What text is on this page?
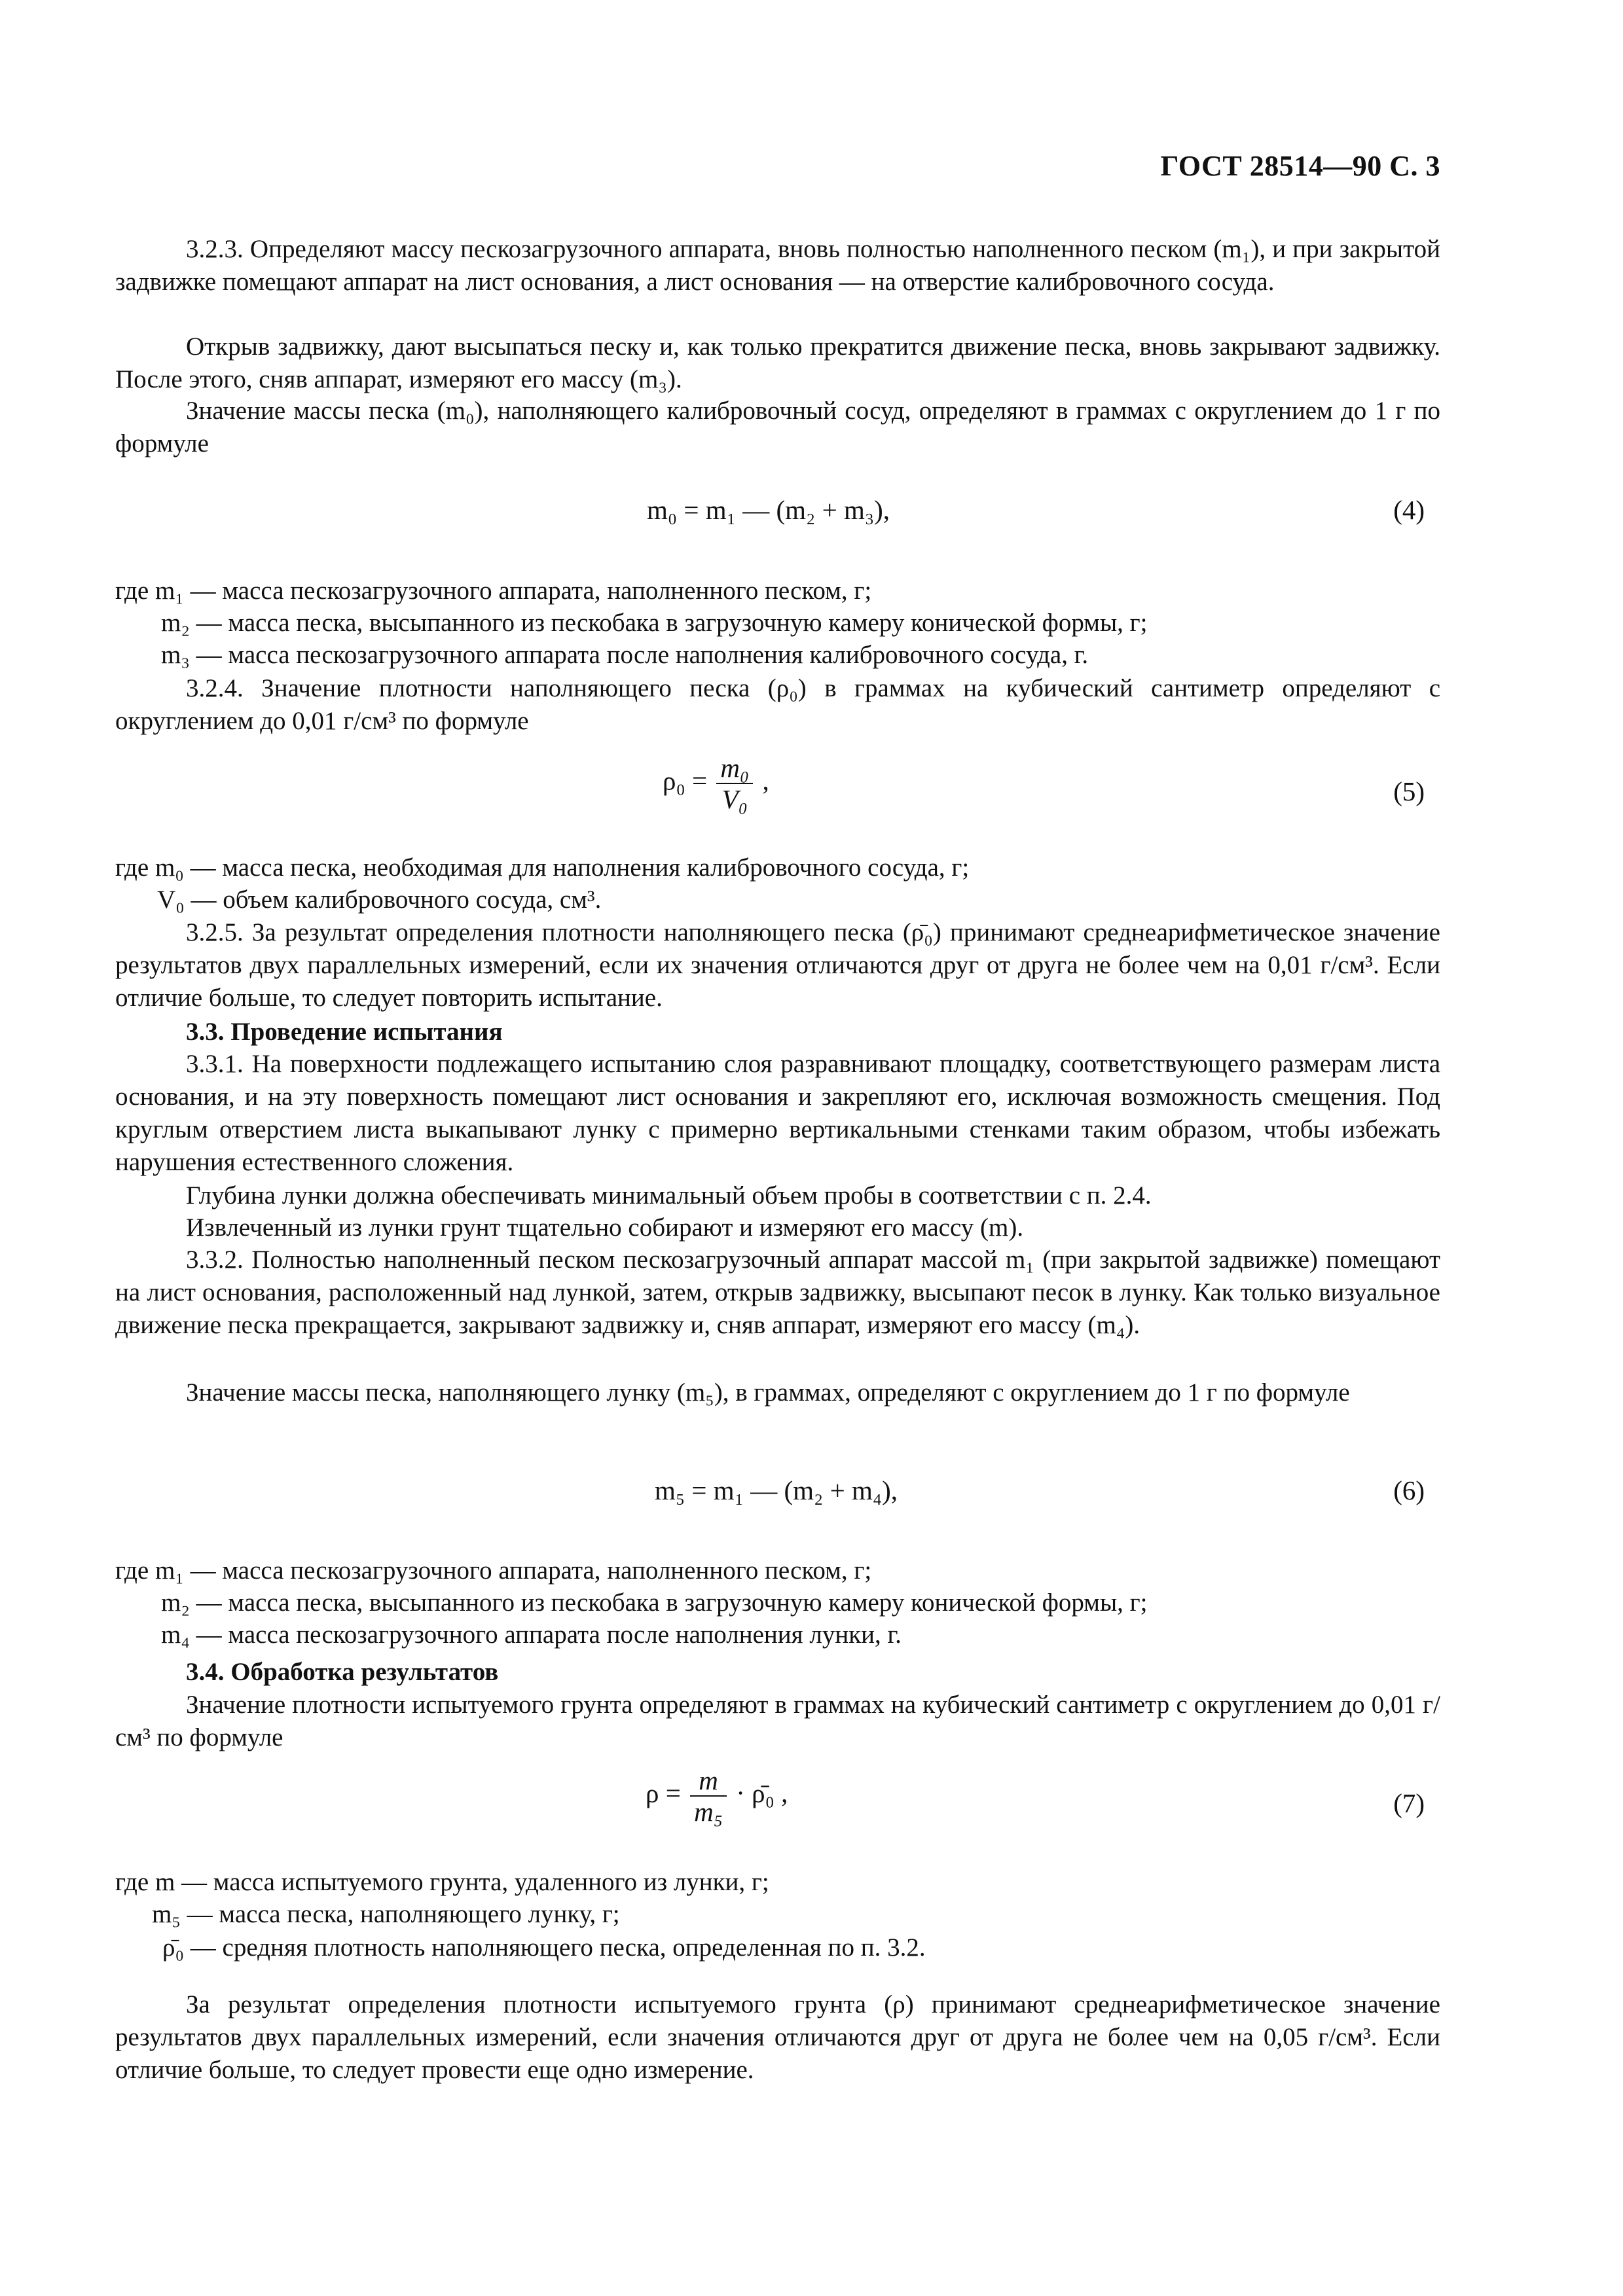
ГОСТ 28514—90 С. 3
3.2.3. Определяют массу пескозагрузочного аппарата, вновь полностью наполненного песком (m₁), и при закрытой задвижке помещают аппарат на лист основания, а лист основания — на отверстие калибровочного сосуда.
Открыв задвижку, дают высыпаться песку и, как только прекратится движение песка, вновь закрывают задвижку. После этого, сняв аппарат, измеряют его массу (m₃).
Значение массы песка (m₀), наполняющего калибровочный сосуд, определяют в граммах с округлением до 1 г по формуле
m₀ = m₁ — (m₂ + m₃),	(4)
где m₁ — масса пескозагрузочного аппарата, наполненного песком, г;
m₂ — масса песка, высыпанного из пескобака в загрузочную камеру конической формы, г;
m₃ — масса пескозагрузочного аппарата после наполнения калибровочного сосуда, г.
3.2.4. Значение плотности наполняющего песка (ρ₀) в граммах на кубический сантиметр определяют с округлением до 0,01 г/см³ по формуле
$\rho_0 = \frac{\text{m₀}}{\text{V₀}}$ ,	(5)
где m₀ — масса песка, необходимая для наполнения калибровочного сосуда, г;
V₀ — объем калибровочного сосуда, см³.
3.2.5. За результат определения плотности наполняющего песка (ρ̄₀) принимают среднеарифметическое значение результатов двух параллельных измерений, если их значения отличаются друг от друга не более чем на 0,01 г/см³. Если отличие больше, то следует повторить испытание.
3.3. Проведение испытания
3.3.1. На поверхности подлежащего испытанию слоя разравнивают площадку, соответствующего размерам листа основания, и на эту поверхность помещают лист основания и закрепляют его, исключая возможность смещения. Под круглым отверстием листа выкапывают лунку с примерно вертикальными стенками таким образом, чтобы избежать нарушения естественного сложения.
Глубина лунки должна обеспечивать минимальный объем пробы в соответствии с п. 2.4.
Извлеченный из лунки грунт тщательно собирают и измеряют его массу (m).
3.3.2. Полностью наполненный песком пескозагрузочный аппарат массой m₁ (при закрытой задвижке) помещают на лист основания, расположенный над лункой, затем, открыв задвижку, высыпают песок в лунку. Как только визуальное движение песка прекращается, закрывают задвижку и, сняв аппарат, измеряют его массу (m₄).
Значение массы песка, наполняющего лунку (m₅), в граммах, определяют с округлением до 1 г по формуле
m₅ = m₁ — (m₂ + m₄),	(6)
где m₁ — масса пескозагрузочного аппарата, наполненного песком, г;
m₂ — масса песка, высыпанного из пескобака в загрузочную камеру конической формы, г;
m₄ — масса пескозагрузочного аппарата после наполнения лунки, г.
3.4. Обработка результатов
Значение плотности испытуемого грунта определяют в граммах на кубический сантиметр с округлением до 0,01 г/см³ по формуле
$\rho = \frac{m}{\text{m₅}}$ · ρ̄₀ ,	(7)
где m — масса испытуемого грунта, удаленного из лунки, г;
m₅ — масса песка, наполняющего лунку, г;
ρ̄₀ — средняя плотность наполняющего песка, определенная по п. 3.2.
За результат определения плотности испытуемого грунта (ρ) принимают среднеарифметическое значение результатов двух параллельных измерений, если значения отличаются друг от друга не более чем на 0,05 г/см³. Если отличие больше, то следует провести еще одно измерение.
